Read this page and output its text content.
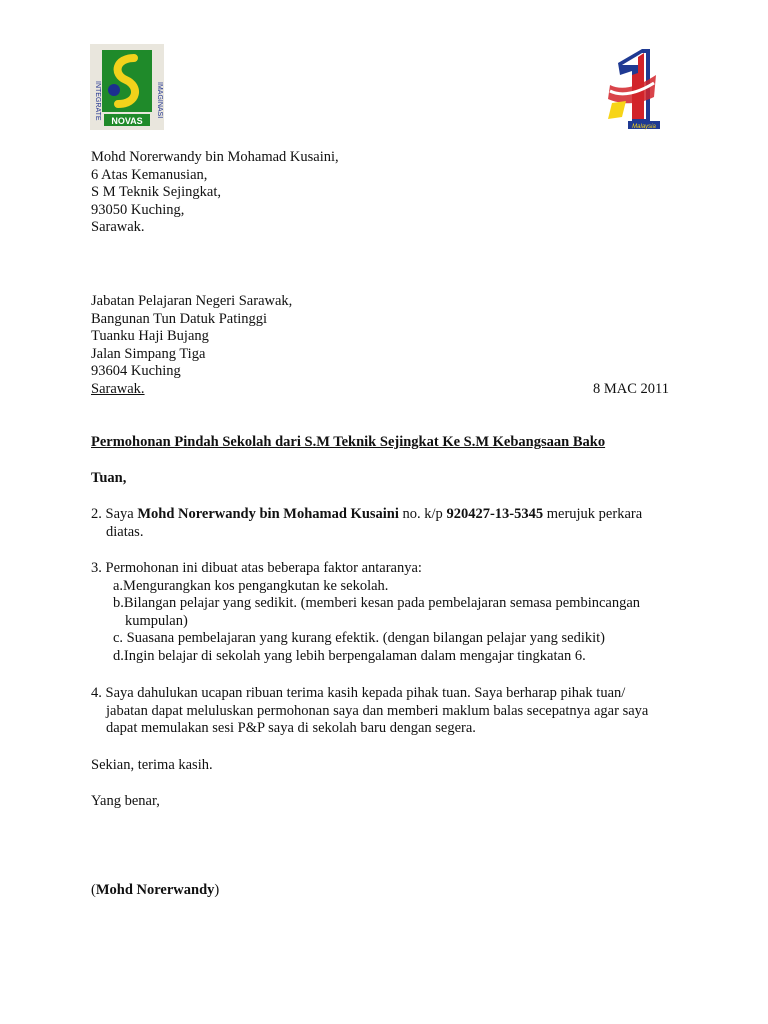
INTEGRATE	IMAGINASI
NOVAS
Malaysia
Mohd Norerwandy bin Mohamad Kusaini,
6 Atas Kemanusian,
S M Teknik Sejingkat,
93050 Kuching,
Sarawak.
Jabatan Pelajaran Negeri Sarawak,
Bangunan Tun Datuk Patinggi
Tuanku Haji Bujang
Jalan Simpang Tiga
93604 Kuching
Sarawak.	8 MAC 2011
Permohonan Pindah Sekolah dari S.M Teknik Sejingkat Ke S.M Kebangsaan Bako
Tuan,
2. Saya Mohd Norerwandy bin Mohamad Kusaini no. k/p 920427-13-5345 merujuk perkara
diatas.
3. Permohonan ini dibuat atas beberapa faktor antaranya:
a.Mengurangkan kos pengangkutan ke sekolah.
b.Bilangan pelajar yang sedikit. (memberi kesan pada pembelajaran semasa pembincangan
kumpulan)
c. Suasana pembelajaran yang kurang efektik. (dengan bilangan pelajar yang sedikit)
d.Ingin belajar di sekolah yang lebih berpengalaman dalam mengajar tingkatan 6.
4. Saya dahulukan ucapan ribuan terima kasih kepada pihak tuan. Saya berharap pihak tuan/
jabatan dapat meluluskan permohonan saya dan memberi maklum balas secepatnya agar saya
dapat memulakan sesi P&P saya di sekolah baru dengan segera.
Sekian, terima kasih.
Yang benar,
(Mohd Norerwandy)
